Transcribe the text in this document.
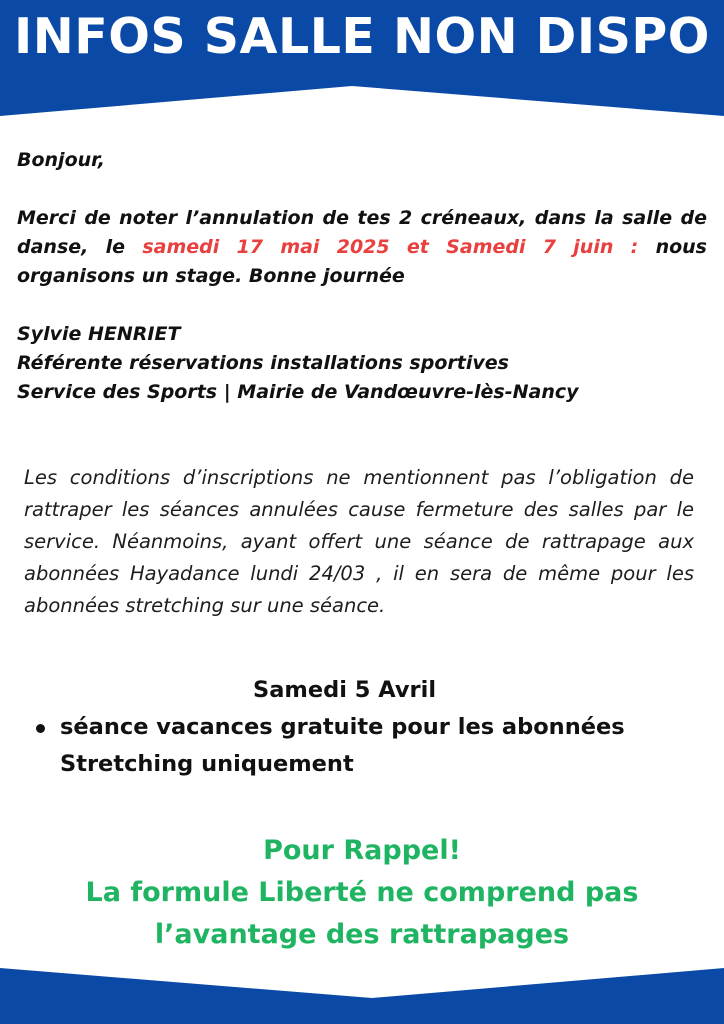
INFOS SALLE NON DISPO

Bonjour,

Merci de noter l’annulation de tes 2 créneaux, dans la salle de danse, le samedi 17 mai 2025 et Samedi 7 juin : nous organisons un stage. Bonne journée

Sylvie HENRIET
Référente réservations installations sportives
Service des Sports | Mairie de Vandœuvre-lès-Nancy

Les conditions d’inscriptions ne mentionnent pas l’obligation de rattraper les séances annulées cause fermeture des salles par le service. Néanmoins, ayant offert une séance de rattrapage aux abonnées Hayadance lundi 24/03 , il en sera de même pour les abonnées stretching sur une séance.

Samedi 5 Avril

séance vacances gratuite pour les abonnées Stretching uniquement

Pour Rappel!

La formule Liberté ne comprend pas

l’avantage des rattrapages
